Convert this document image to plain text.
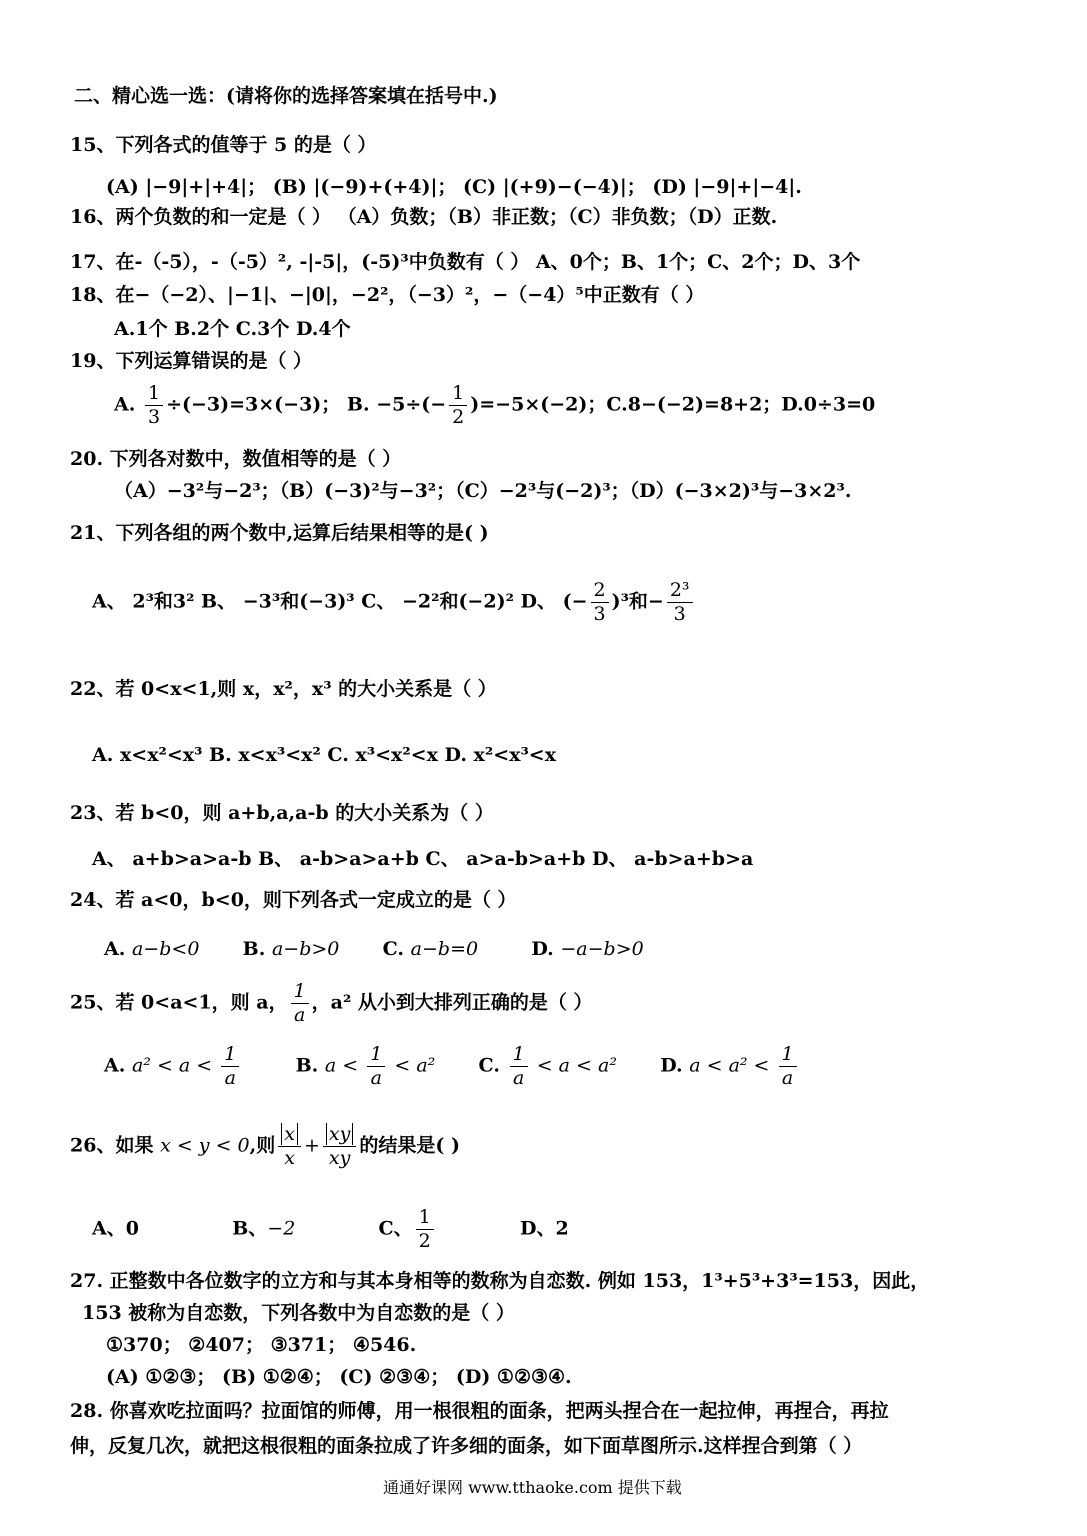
二、精心选一选：(请将你的选择答案填在括号中.)
15、下列各式的值等于 5 的是（ ）
(A) |−9|+|+4|； (B) |(−9)+(+4)|； (C) |(+9)−(−4)|； (D) |−9|+|−4|.
16、两个负数的和一定是（ ） （A）负数；（B）非正数；（C）非负数；（D）正数.
17、在-（-5），-（-5）², -|-5|，(-5)³中负数有（ ） A、0个；B、1个；C、2个；D、3个
18、在−（−2）、|−1|、−|0|，−2²，（−3）²，−（−4）⁵中正数有（ ）
A.1个 B.2个 C.3个 D.4个
19、下列运算错误的是（ ）
A. $\frac{1}{3} \div(-3)=3\times(-3)$； B. $-5\div(- \frac{1}{2} )=-5\times(-2)$；C.8−(−2)=8+2；D.0÷3=0
20. 下列各对数中，数值相等的是（ ）
（A）−3²与−2³；（B）(−3)²与−3²；（C）−2³与(−2)³；（D）(−3×2)³与−3×2³.
21、下列各组的两个数中,运算后结果相等的是( )
A、 2³和3² B、 −3³和(−3)³ C、 −2²和(−2)² D、 (− $\frac{2}{3} )^3$和− $\frac{\text{2³}}{3}$
22、若 0<x<1,则 x，x²，x³ 的大小关系是（ ）
A. x<x²<x³ B. x<x³<x² C. x³<x²<x D. x²<x³<x
23、若 b<0，则 a+b,a,a-b 的大小关系为（ ）
A、 a+b>a>a-b B、 a-b>a>a+b C、 a>a-b>a+b D、 a-b>a+b>a
24、若 a<0，b<0，则下列各式一定成立的是（ ）
A. a−b<0 B. a−b>0 C. a−b=0	D. −a−b>0
25、若 0<a<1，则 a， $\frac{1}{a}$ ，a² 从小到大排列正确的是（ ）
A. $a^2 < a < \frac{1}{a}$	B. $a < \frac{1}{a} < a^2$ C. $\frac{1}{a} < a < a^2$ D. $a < a^2 < \frac{1}{a}$
26、如果 x < y < 0,则 $\frac{x}{x} + \frac{xy}{xy}$ 的结果是( )
A、0	B、−2	C、 $\frac{1}{2}$	D、2
27. 正整数中各位数字的立方和与其本身相等的数称为自恋数. 例如 153，1³+5³+3³=153，因此，
153 被称为自恋数，下列各数中为自恋数的是（ ）
①370； ②407； ③371； ④546.
(A) ①②③； (B) ①②④； (C) ②③④； (D) ①②③④.
28. 你喜欢吃拉面吗？拉面馆的师傅，用一根很粗的面条，把两头捏合在一起拉伸，再捏合，再拉
伸，反复几次，就把这根很粗的面条拉成了许多细的面条，如下面草图所示.这样捏合到第（ ）
通通好课网 www.tthaoke.com 提供下载
